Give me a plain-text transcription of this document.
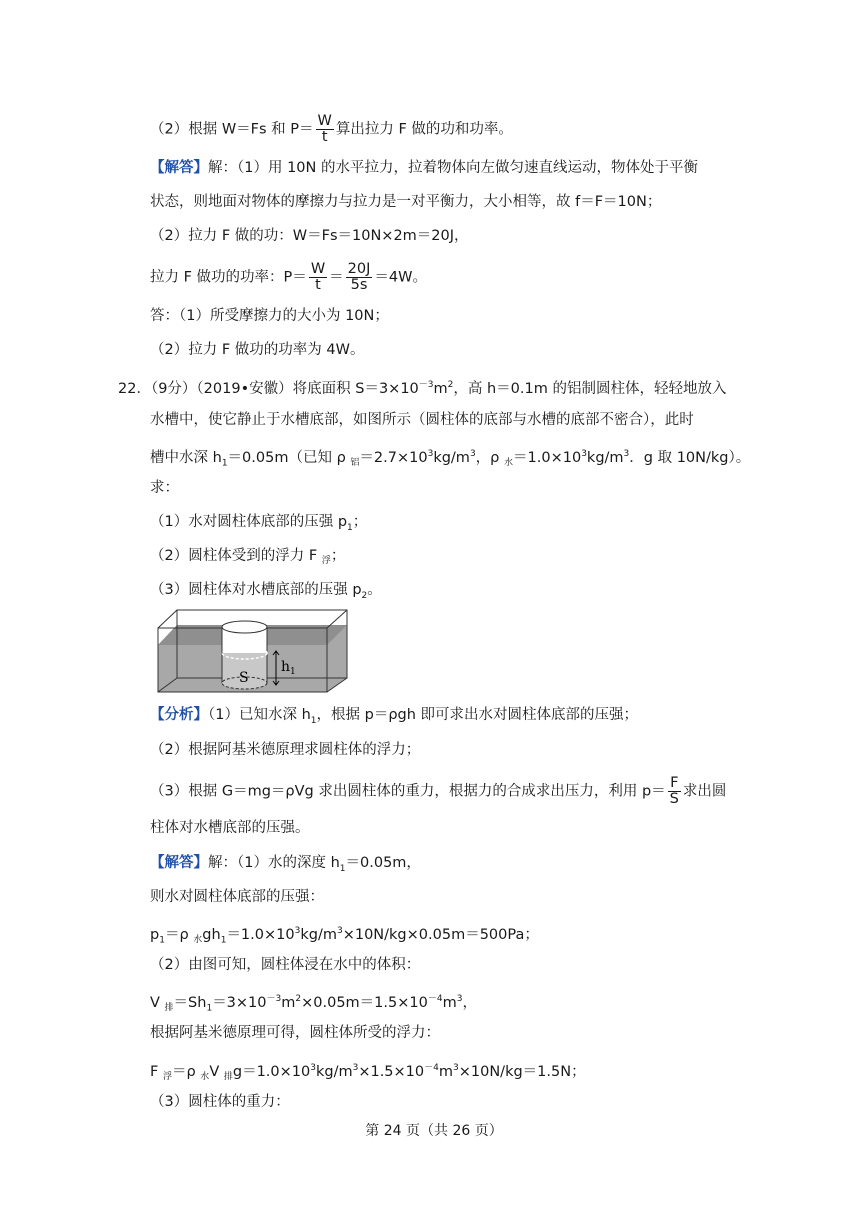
（2）根据 W＝Fs 和 $P= \frac{W}{t}$ 算出拉力 F 做的功和功率。
【解答】解：（1）用 10N 的水平拉力，拉着物体向左做匀速直线运动，物体处于平衡
状态，则地面对物体的摩擦力与拉力是一对平衡力，大小相等，故 f＝F＝10N；
（2）拉力 F 做的功：W＝Fs＝10N×2m＝20J，
拉力 F 做功的功率：$P= \frac{W}{t} = \frac{20J}{5s} =4W$。
答：（1）所受摩擦力的大小为 10N；
（2）拉力 F 做功的功率为 4W。
22．（9分）（2019•安徽）将底面积 $S=3\times 10^{-3}m^2$，高 h＝0.1m 的铝制圆柱体，轻轻地放入
水槽中，使它静止于水槽底部，如图所示（圆柱体的底部与水槽的底部不密合），此时
槽中水深 $h_1=0.05m$（已知 ρ $_铝=2.7\times 10^3kg/m^3$，ρ $_水=1.0\times 10^3kg/m^3$．g 取 10N/kg）。
求：
（1）水对圆柱体底部的压强 $p_1$；
（2）圆柱体受到的浮力 F $_浮$；
（3）圆柱体对水槽底部的压强 $p_2$。
$h_1$
S
【分析】（1）已知水深 $h_1$，根据 p＝ρgh 即可求出水对圆柱体底部的压强；
（2）根据阿基米德原理求圆柱体的浮力；
（3）根据 G＝mg＝ρVg 求出圆柱体的重力，根据力的合成求出压力，利用 $p= \frac{F}{S}$ 求出圆
柱体对水槽底部的压强。
【解答】解：（1）水的深度 $h_1=0.05m$，
则水对圆柱体底部的压强：
$p_1=\rho$ $_水gh_1=1.0\times 10^3kg/m^3\times 10N/kg\times 0.05m=500Pa$；
（2）由图可知，圆柱体浸在水中的体积：
V $_排=Sh_1=3\times 10^{-3}m^2\times 0.05m=1.5\times 10^{-4}m^3$，
根据阿基米德原理可得，圆柱体所受的浮力：
F $_浮$＝ρ $_水$V $_排g=1.0\times 10^3kg/m^3\times 1.5\times 10^{-4}m^3\times 10N/kg=1.5N$；
（3）圆柱体的重力：
第 24 页（共 26 页）
